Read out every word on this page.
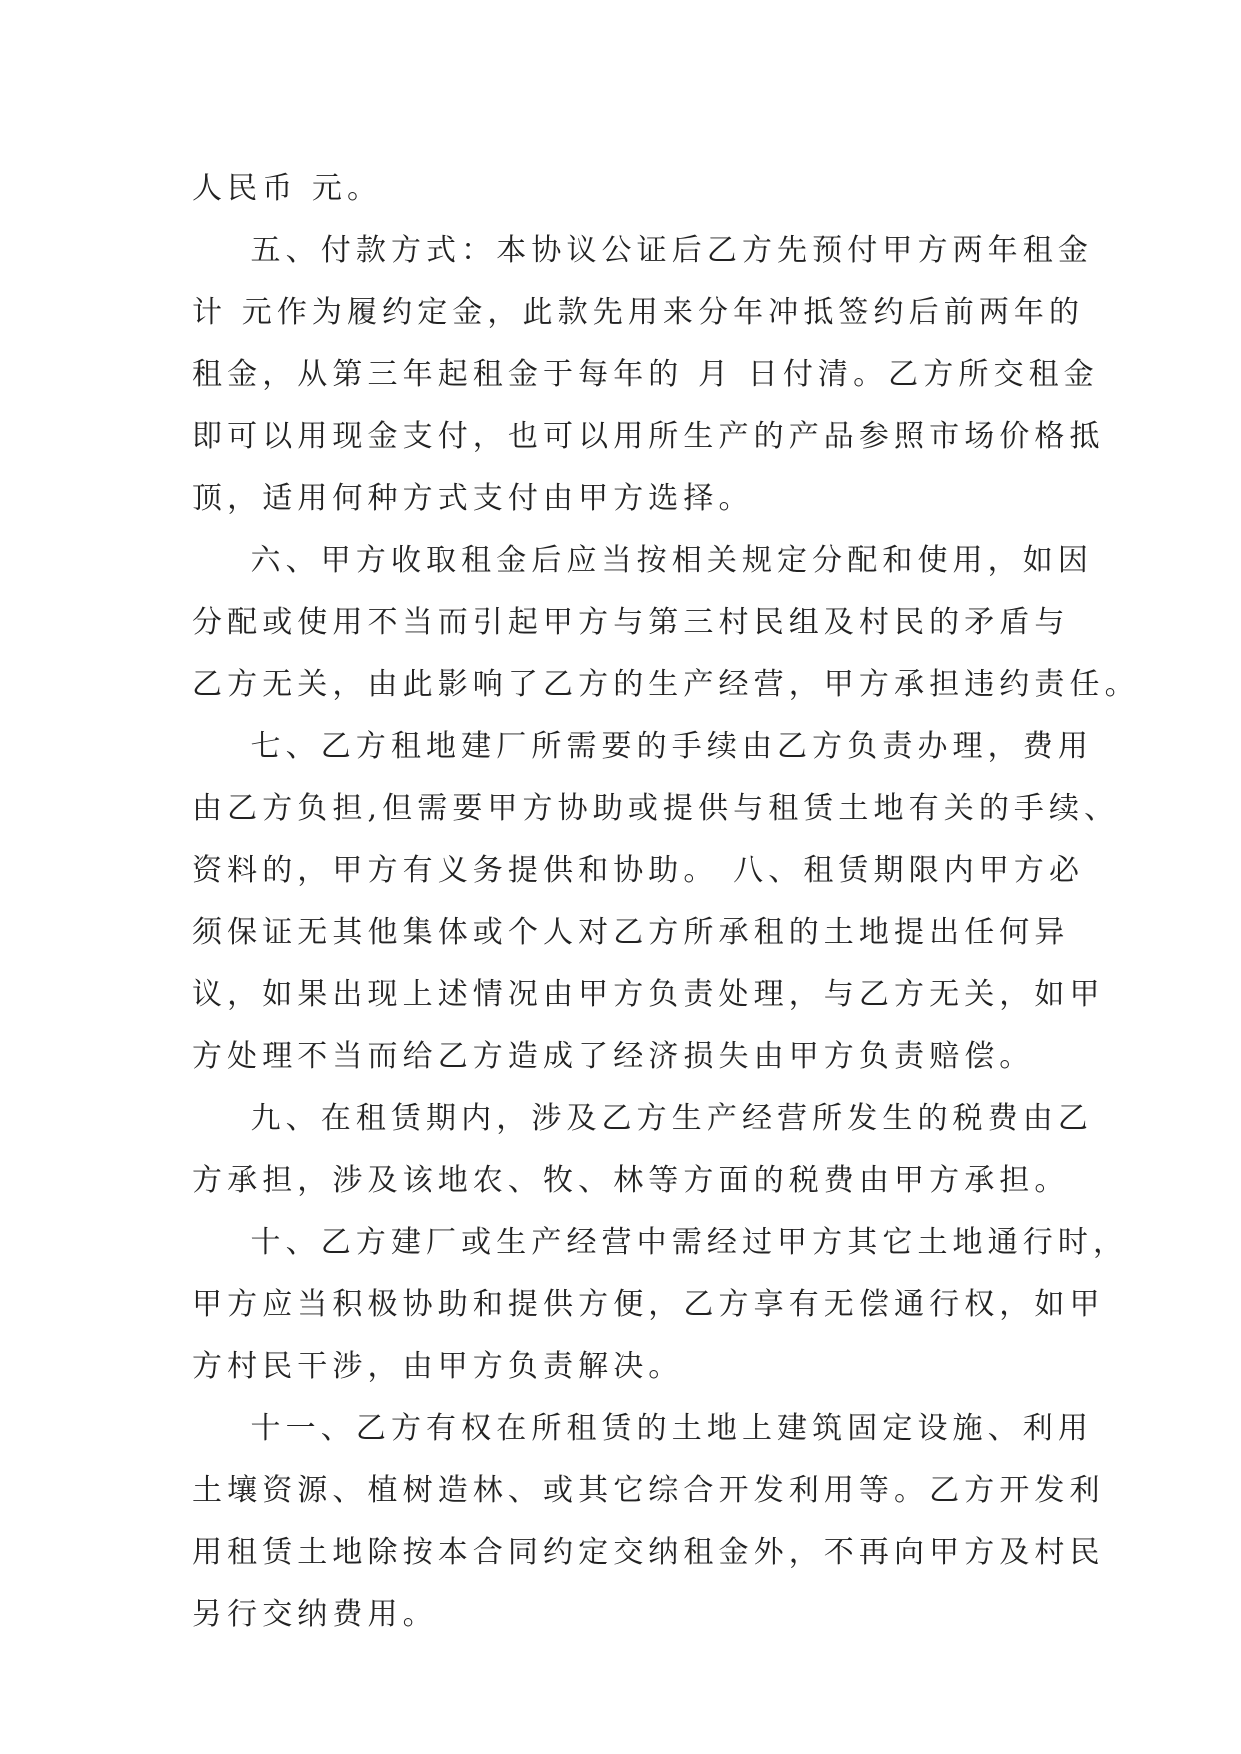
人民币 元。
五、付款方式：本协议公证后乙方先预付甲方两年租金
计 元作为履约定金，此款先用来分年冲抵签约后前两年的
租金，从第三年起租金于每年的 月 日付清。乙方所交租金
即可以用现金支付，也可以用所生产的产品参照市场价格抵
顶，适用何种方式支付由甲方选择。
六、甲方收取租金后应当按相关规定分配和使用，如因
分配或使用不当而引起甲方与第三村民组及村民的矛盾与
乙方无关，由此影响了乙方的生产经营，甲方承担违约责任。
七、乙方租地建厂所需要的手续由乙方负责办理，费用
由乙方负担,但需要甲方协助或提供与租赁土地有关的手续、
资料的，甲方有义务提供和协助。 八、租赁期限内甲方必
须保证无其他集体或个人对乙方所承租的土地提出任何异
议，如果出现上述情况由甲方负责处理，与乙方无关，如甲
方处理不当而给乙方造成了经济损失由甲方负责赔偿。
九、在租赁期内，涉及乙方生产经营所发生的税费由乙
方承担，涉及该地农、牧、林等方面的税费由甲方承担。
十、乙方建厂或生产经营中需经过甲方其它土地通行时，
甲方应当积极协助和提供方便，乙方享有无偿通行权，如甲
方村民干涉，由甲方负责解决。
十一、乙方有权在所租赁的土地上建筑固定设施、利用
土壤资源、植树造林、或其它综合开发利用等。乙方开发利
用租赁土地除按本合同约定交纳租金外，不再向甲方及村民
另行交纳费用。
